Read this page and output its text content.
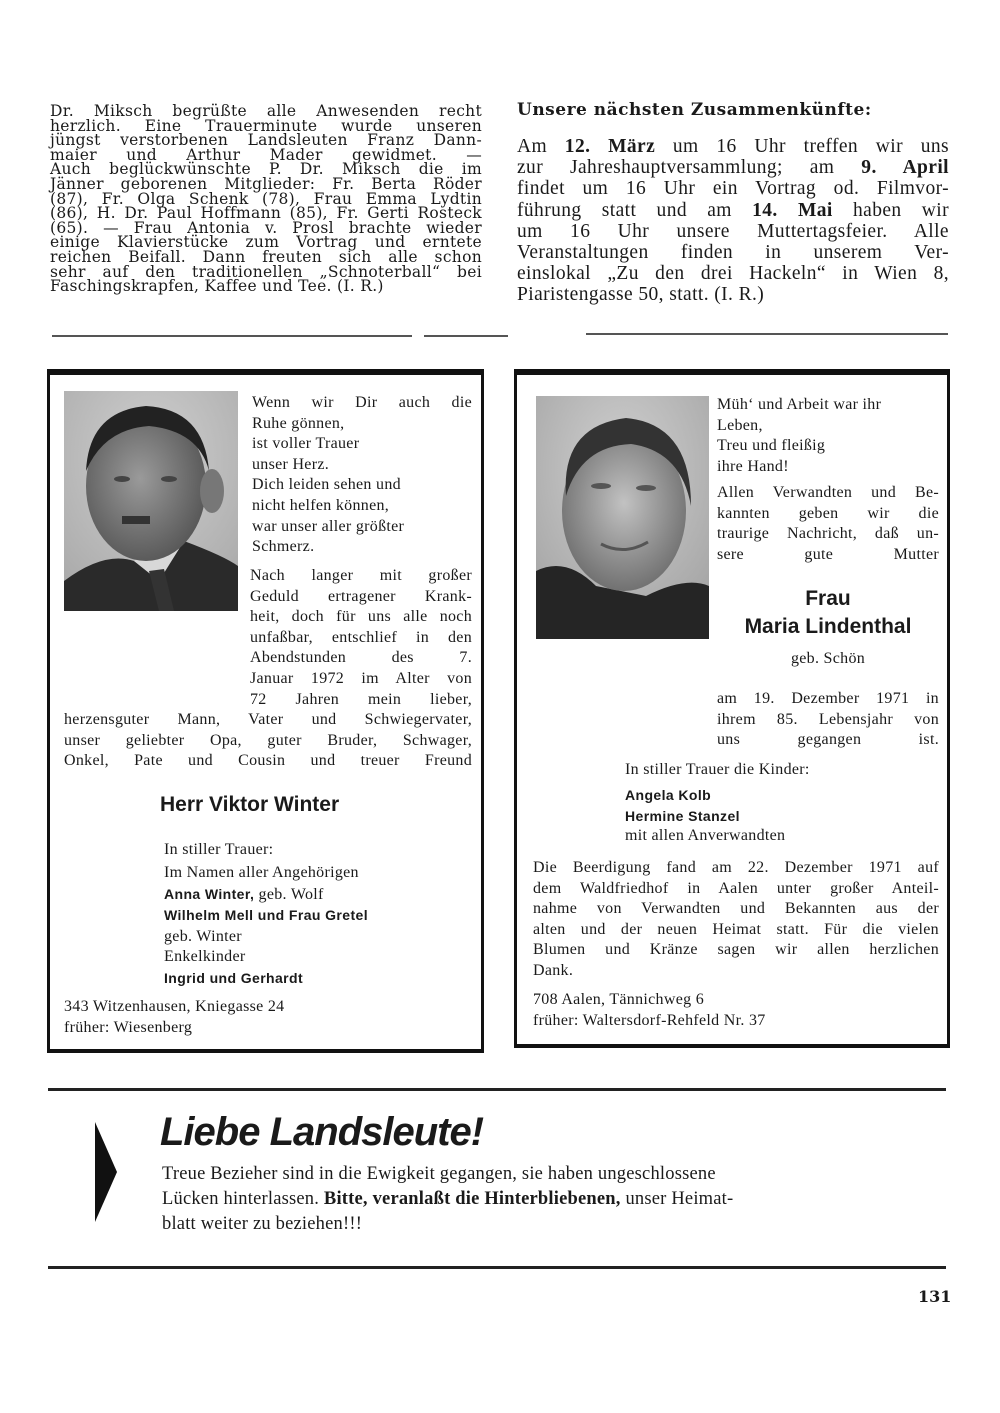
Dr. Miksch begrüßte alle Anwesenden recht
herzlich. Eine Trauerminute wurde unseren
jüngst verstorbenen Landsleuten Franz Dann-
maier und Arthur Mader gewidmet. —
Auch beglückwünschte P. Dr. Miksch die im
Jänner geborenen Mitglieder: Fr. Berta Röder
(87), Fr. Olga Schenk (78), Frau Emma Lydtin
(86), H. Dr. Paul Hoffmann (85), Fr. Gerti Rosteck
(65). — Frau Antonia v. Prosl brachte wieder
einige Klavierstücke zum Vortrag und erntete
reichen Beifall. Dann freuten sich alle schon
sehr auf den traditionellen „Schnoterball“ bei
Faschingskrapfen, Kaffee und Tee. (I. R.)
Unsere nächsten Zusammenkünfte:
Am 12. März um 16 Uhr treffen wir uns
zur Jahreshauptversammlung; am 9. April
findet um 16 Uhr ein Vortrag od. Filmvor-
führung statt und am 14. Mai haben wir
um 16 Uhr unsere Muttertagsfeier. Alle
Veranstaltungen finden in unserem Ver-
einslokal „Zu den drei Hackeln“ in Wien 8,
Piaristengasse 50, statt. (I. R.)
Wenn wir Dir auch die
Ruhe gönnen,
ist voller Trauer
unser Herz.
Dich leiden sehen und
nicht helfen können,
war unser aller größter
Schmerz.
Nach langer mit großer
Geduld ertragener Krank-
heit, doch für uns alle noch
unfaßbar, entschlief in den
Abendstunden des 7.
Januar 1972 im Alter von
72 Jahren mein lieber,
herzensguter Mann, Vater und Schwiegervater,
unser geliebter Opa, guter Bruder, Schwager,
Onkel, Pate und Cousin und treuer Freund
Herr Viktor Winter
In stiller Trauer:
Im Namen aller Angehörigen
Anna Winter, geb. Wolf
Wilhelm Mell und Frau Gretel
geb. Winter
Enkelkinder
Ingrid und Gerhardt
343 Witzenhausen, Kniegasse 24
früher: Wiesenberg
Müh‘ und Arbeit war ihr
Leben,
Treu und fleißig
ihre Hand!
Allen Verwandten und Be-
kannten geben wir die
traurige Nachricht, daß un-
sere gute Mutter
Frau
Maria Lindenthal
geb. Schön
am 19. Dezember 1971 in
ihrem 85. Lebensjahr von
uns gegangen ist.
In stiller Trauer die Kinder:
Angela Kolb
Hermine Stanzel
mit allen Anverwandten
Die Beerdigung fand am 22. Dezember 1971 auf
dem Waldfriedhof in Aalen unter großer Anteil-
nahme von Verwandten und Bekannten aus der
alten und der neuen Heimat statt. Für die vielen
Blumen und Kränze sagen wir allen herzlichen
Dank.
708 Aalen, Tännichweg 6
früher: Waltersdorf-Rehfeld Nr. 37
Liebe Landsleute!
Treue Bezieher sind in die Ewigkeit gegangen, sie haben ungeschlossene
Lücken hinterlassen. Bitte, veranlaßt die Hinterbliebenen, unser Heimat-
blatt weiter zu beziehen!!!
131
